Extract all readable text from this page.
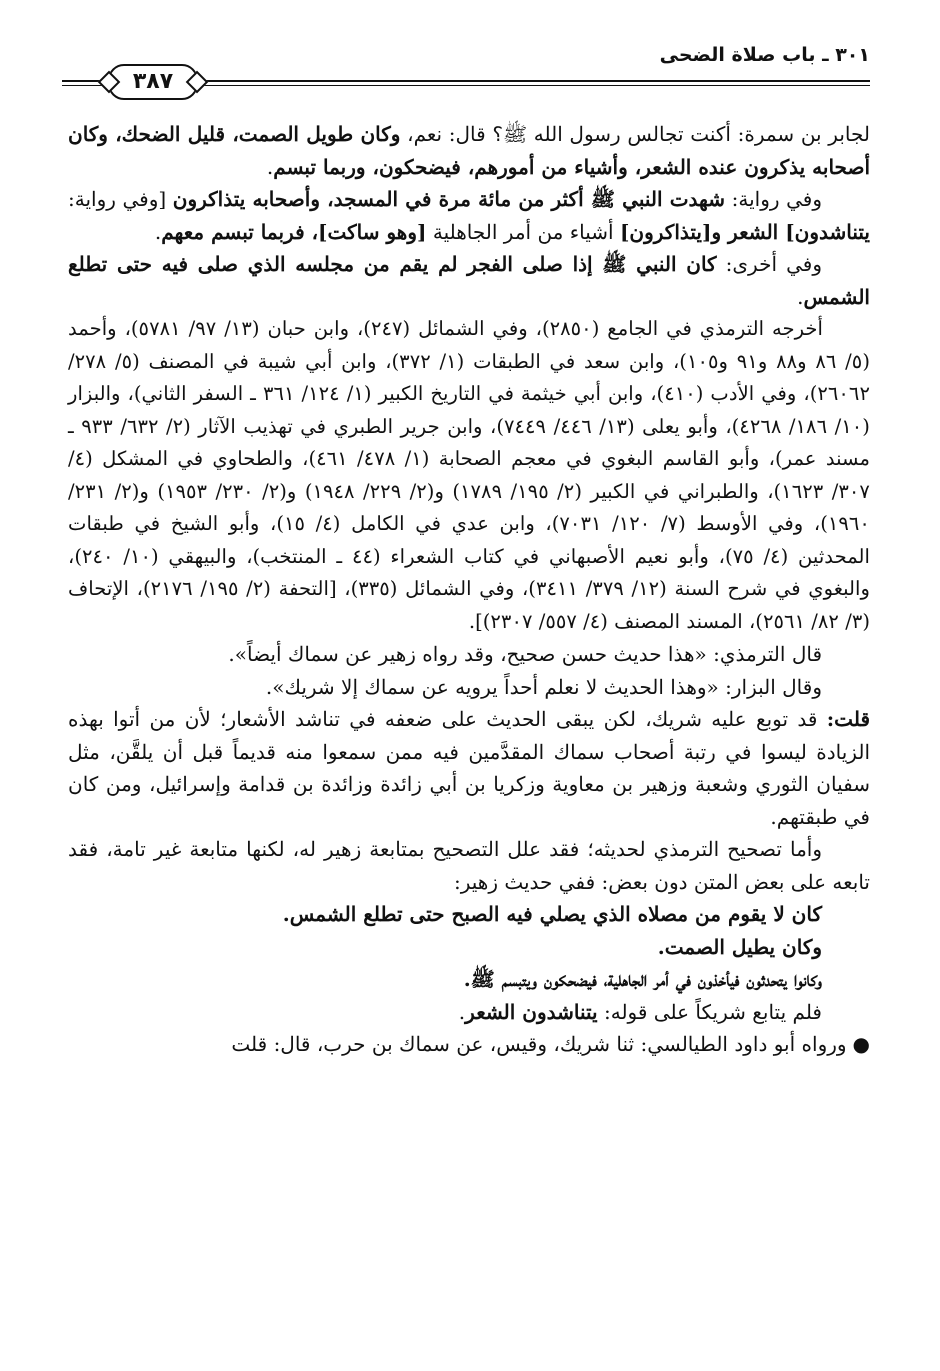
٣٠١ ـ باب صلاة الضحى
٣٨٧

لجابر بن سمرة: أكنت تجالس رسول الله ﷺ؟ قال: نعم، وكان طويل الصمت، قليل الضحك، وكان أصحابه يذكرون عنده الشعر، وأشياء من أمورهم، فيضحكون، وربما تبسم.

وفي رواية: شهدت النبي ﷺ أكثر من مائة مرة في المسجد، وأصحابه يتذاكرون [وفي رواية: يتناشدون] الشعر و[يتذاكرون] أشياء من أمر الجاهلية [وهو ساكت]، فربما تبسم معهم.

وفي أخرى: كان النبي ﷺ إذا صلى الفجر لم يقم من مجلسه الذي صلى فيه حتى تطلع الشمس.

أخرجه الترمذي في الجامع (٢٨٥٠)، وفي الشمائل (٢٤٧)، وابن حبان (١٣/ ٩٧/ ٥٧٨١)، وأحمد (٥/ ٨٦ و٨٨ و٩١ و١٠٥)، وابن سعد في الطبقات (١/ ٣٧٢)، وابن أبي شيبة في المصنف (٥/ ٢٧٨/ ٢٦٠٦٢)، وفي الأدب (٤١٠)، وابن أبي خيثمة في التاريخ الكبير (١/ ١٢٤/ ٣٦١ ـ السفر الثاني)، والبزار (١٠/ ١٨٦/ ٤٢٦٨)، وأبو يعلى (١٣/ ٤٤٦/ ٧٤٤٩)، وابن جرير الطبري في تهذيب الآثار (٢/ ٦٣٢/ ٩٣٣ ـ مسند عمر)، وأبو القاسم البغوي في معجم الصحابة (١/ ٤٧٨/ ٤٦١)، والطحاوي في المشكل (٤/ ٣٠٧/ ١٦٢٣)، والطبراني في الكبير (٢/ ١٩٥/ ١٧٨٩) و(٢/ ٢٢٩/ ١٩٤٨) و(٢/ ٢٣٠/ ١٩٥٣) و(٢/ ٢٣١/ ١٩٦٠)، وفي الأوسط (٧/ ١٢٠/ ٧٠٣١)، وابن عدي في الكامل (٤/ ١٥)، وأبو الشيخ في طبقات المحدثين (٤/ ٧٥)، وأبو نعيم الأصبهاني في كتاب الشعراء (٤٤ ـ المنتخب)، والبيهقي (١٠/ ٢٤٠)، والبغوي في شرح السنة (١٢/ ٣٧٩/ ٣٤١١)، وفي الشمائل (٣٣٥)، [التحفة (٢/ ١٩٥/ ٢١٧٦)، الإتحاف (٣/ ٨٢/ ٢٥٦١)، المسند المصنف (٤/ ٥٥٧/ ٢٣٠٧)].

قال الترمذي: «هذا حديث حسن صحيح، وقد رواه زهير عن سماك أيضاً».

وقال البزار: «وهذا الحديث لا نعلم أحداً يرويه عن سماك إلا شريك».

قلت: قد توبع عليه شريك، لكن يبقى الحديث على ضعفه في تناشد الأشعار؛ لأن من أتوا بهذه الزيادة ليسوا في رتبة أصحاب سماك المقدَّمين فيه ممن سمعوا منه قديماً قبل أن يلقَّن، مثل سفيان الثوري وشعبة وزهير بن معاوية وزكريا بن أبي زائدة وزائدة بن قدامة وإسرائيل، ومن كان في طبقتهم.

وأما تصحيح الترمذي لحديثه؛ فقد علل التصحيح بمتابعة زهير له، لكنها متابعة غير تامة، فقد تابعه على بعض المتن دون بعض: ففي حديث زهير:

كان لا يقوم من مصلاه الذي يصلي فيه الصبح حتى تطلع الشمس.

وكان يطيل الصمت.

وكانوا يتحدثون فيأخذون في أمر الجاهلية، فيضحكون ويتبسم ﷺ.

فلم يتابع شريكاً على قوله: يتناشدون الشعر.

●ورواه أبو داود الطيالسي: ثنا شريك، وقيس، عن سماك بن حرب، قال: قلت
